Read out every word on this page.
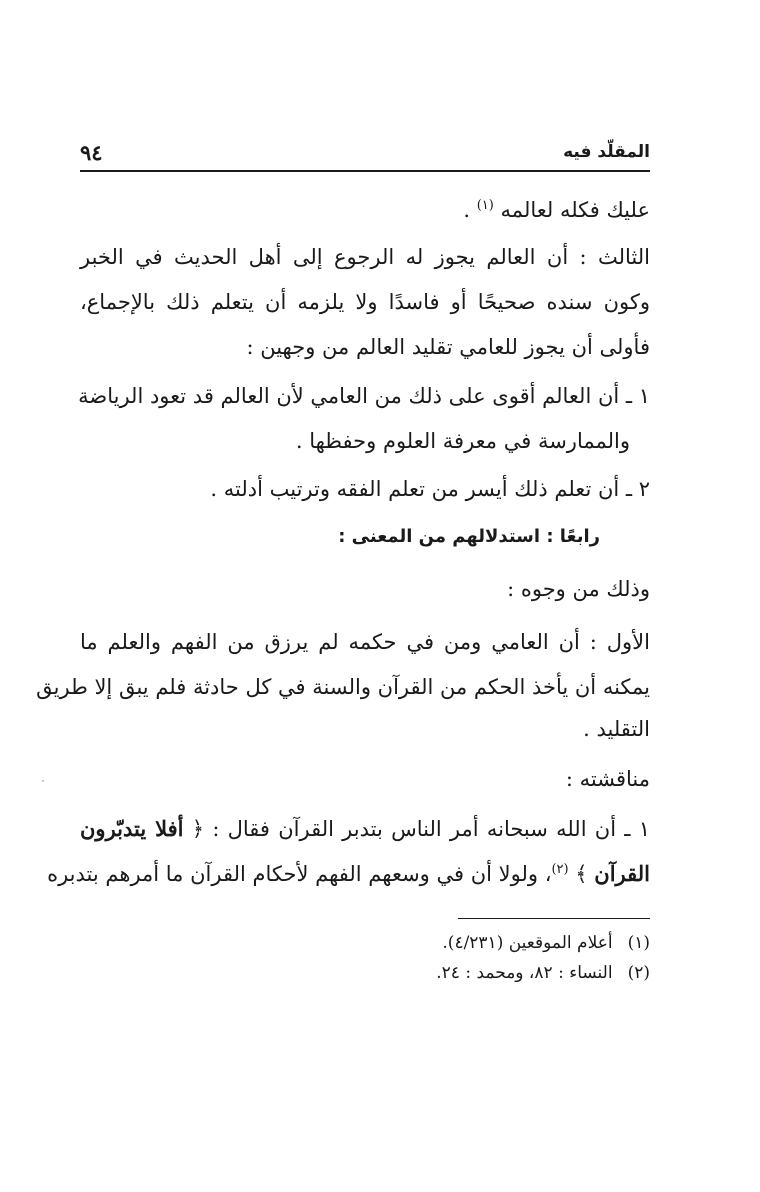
المقلّد فيه
٩٤
عليك فكله لعالمه $^{(١)}$ .
الثالث : أن العالم يجوز له الرجوع إلى أهل الحديث في الخبر
وكون سنده صحيحًا أو فاسدًا ولا يلزمه أن يتعلم ذلك بالإجماع،
فأولى أن يجوز للعامي تقليد العالم من وجهين :
١ ـ أن العالم أقوى على ذلك من العامي لأن العالم قد تعود الرياضة
والممارسة في معرفة العلوم وحفظها .
٢ ـ أن تعلم ذلك أيسر من تعلم الفقه وترتيب أدلته .
رابعًا : استدلالهم من المعنى :
وذلك من وجوه :
الأول : أن العامي ومن في حكمه لم يرزق من الفهم والعلم ما
يمكنه أن يأخذ الحكم من القرآن والسنة في كل حادثة فلم يبق إلا طريق
التقليد .
مناقشته :
١ ـ أن الله سبحانه أمر الناس بتدبر القرآن فقال : ﴿ أفلا يتدبّرون
القرآن ﴾ $^{(٢)}$، ولولا أن في وسعهم الفهم لأحكام القرآن ما أمرهم بتدبره
(١) أعلام الموقعين (٤/٢٣١).
(٢) النساء : ٨٢، ومحمد : ٢٤.
